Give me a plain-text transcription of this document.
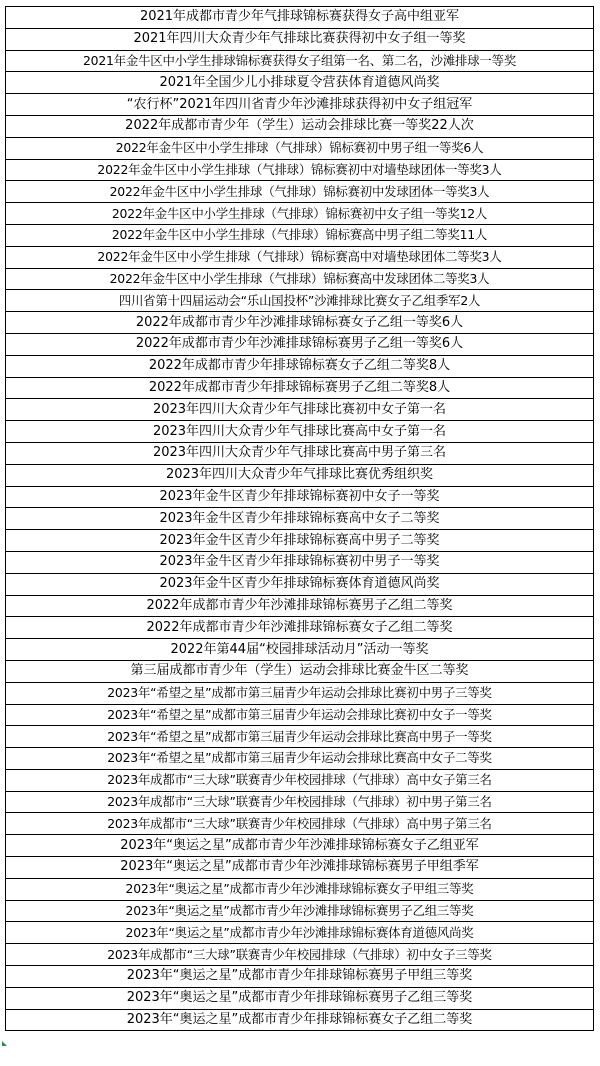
2021年成都市青少年气排球锦标赛获得女子高中组亚军
2021年四川大众青少年气排球比赛获得初中女子组一等奖
2021年金牛区中小学生排球锦标赛获得女子组第一名、第二名，沙滩排球一等奖
2021年全国少儿小排球夏令营获体育道德风尚奖
“农行杯”2021年四川省青少年沙滩排球获得初中女子组冠军
2022年成都市青少年（学生）运动会排球比赛一等奖22人次
2022年金牛区中小学生排球（气排球）锦标赛初中男子组一等奖6人
2022年金牛区中小学生排球（气排球）锦标赛初中对墙垫球团体一等奖3人
2022年金牛区中小学生排球（气排球）锦标赛初中发球团体一等奖3人
2022年金牛区中小学生排球（气排球）锦标赛初中女子组一等奖12人
2022年金牛区中小学生排球（气排球）锦标赛高中男子组二等奖11人
2022年金牛区中小学生排球（气排球）锦标赛高中对墙垫球团体二等奖3人
2022年金牛区中小学生排球（气排球）锦标赛高中发球团体二等奖3人
四川省第十四届运动会“乐山国投杯”沙滩排球比赛女子乙组季军2人
2022年成都市青少年沙滩排球锦标赛女子乙组一等奖6人
2022年成都市青少年沙滩排球锦标赛男子乙组一等奖6人
2022年成都市青少年排球锦标赛女子乙组二等奖8人
2022年成都市青少年排球锦标赛男子乙组二等奖8人
2023年四川大众青少年气排球比赛初中女子第一名
2023年四川大众青少年气排球比赛高中女子第一名
2023年四川大众青少年气排球比赛高中男子第三名
2023年四川大众青少年气排球比赛优秀组织奖
2023年金牛区青少年排球锦标赛初中女子一等奖
2023年金牛区青少年排球锦标赛高中女子二等奖
2023年金牛区青少年排球锦标赛高中男子二等奖
2023年金牛区青少年排球锦标赛初中男子一等奖
2023年金牛区青少年排球锦标赛体育道德风尚奖
2022年成都市青少年沙滩排球锦标赛男子乙组二等奖
2022年成都市青少年沙滩排球锦标赛女子乙组二等奖
2022年第44届“校园排球活动月”活动一等奖
第三届成都市青少年（学生）运动会排球比赛金牛区二等奖
2023年“希望之星”成都市第三届青少年运动会排球比赛初中男子三等奖
2023年“希望之星”成都市第三届青少年运动会排球比赛初中女子一等奖
2023年“希望之星”成都市第三届青少年运动会排球比赛高中男子一等奖
2023年“希望之星”成都市第三届青少年运动会排球比赛高中女子二等奖
2023年成都市“三大球”联赛青少年校园排球（气排球）高中女子第三名
2023年成都市“三大球”联赛青少年校园排球（气排球）初中男子第三名
2023年成都市“三大球”联赛青少年校园排球（气排球）高中男子第三名
2023年“奥运之星”成都市青少年沙滩排球锦标赛女子乙组亚军
2023年“奥运之星”成都市青少年沙滩排球锦标赛男子甲组季军
2023年“奥运之星”成都市青少年沙滩排球锦标赛女子甲组三等奖
2023年“奥运之星”成都市青少年沙滩排球锦标赛男子乙组三等奖
2023年“奥运之星”成都市青少年沙滩排球锦标赛体育道德风尚奖
2023年成都市“三大球”联赛青少年校园排球（气排球）初中女子三等奖
2023年“奥运之星”成都市青少年排球锦标赛男子甲组三等奖
2023年“奥运之星”成都市青少年排球锦标赛男子乙组三等奖
2023年“奥运之星”成都市青少年排球锦标赛女子乙组二等奖
